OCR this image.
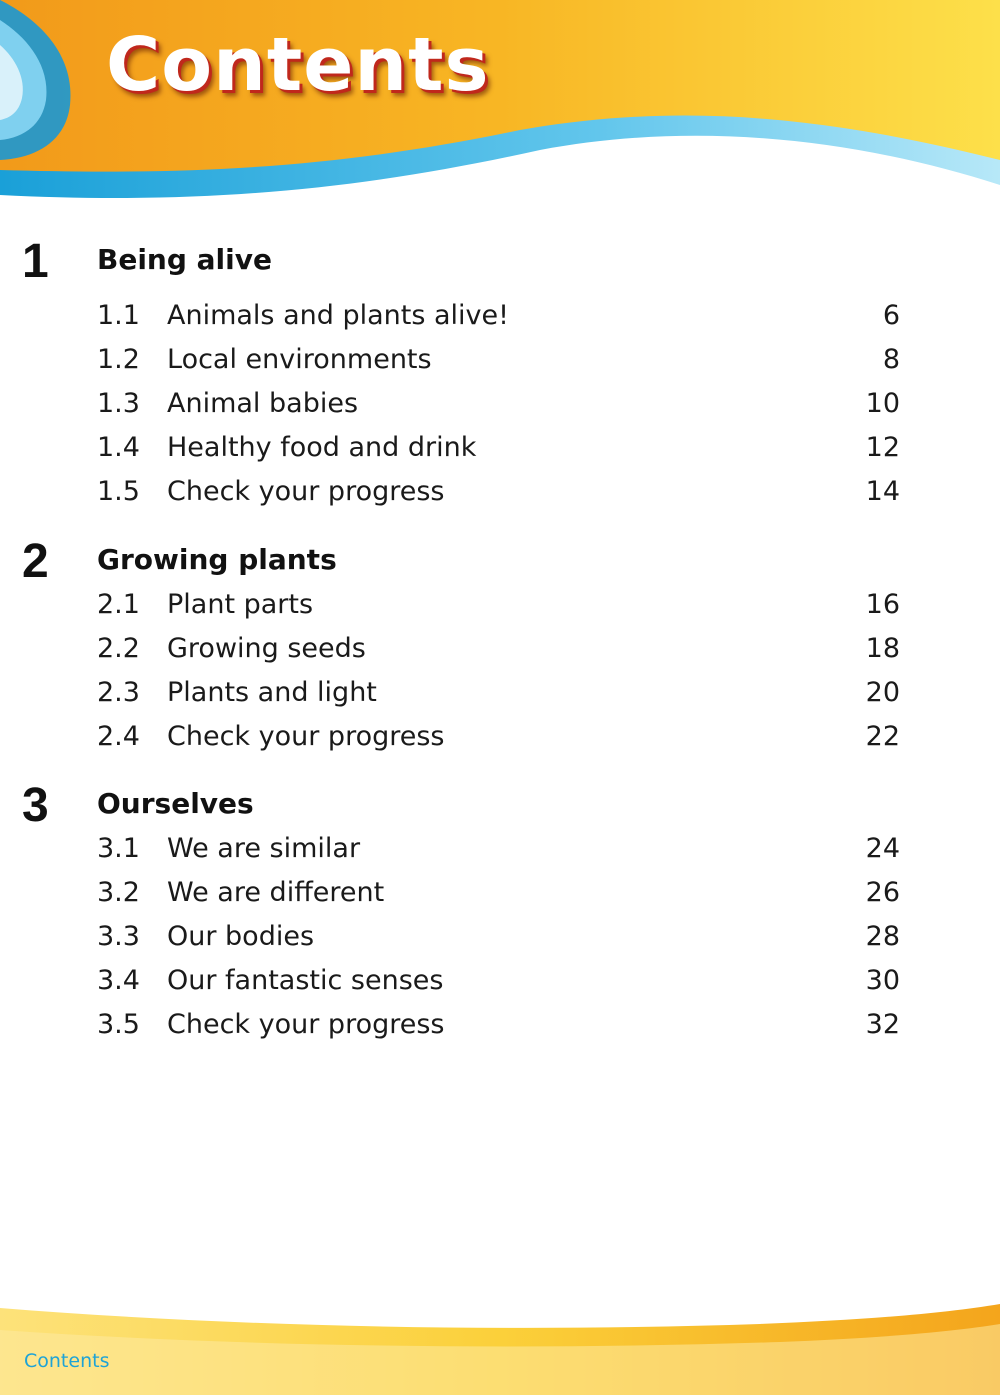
Contents
1 Being alive
1.1 Animals and plants alive!	6
1.2 Local environments	8
1.3 Animal babies	10
1.4 Healthy food and drink	12
1.5 Check your progress	14
2 Growing plants
2.1 Plant parts	16
2.2 Growing seeds	18
2.3 Plants and light	20
2.4 Check your progress	22
3 Ourselves
3.1 We are similar	24
3.2 We are different	26
3.3 Our bodies	28
3.4 Our fantastic senses	30
3.5 Check your progress	32
Contents
